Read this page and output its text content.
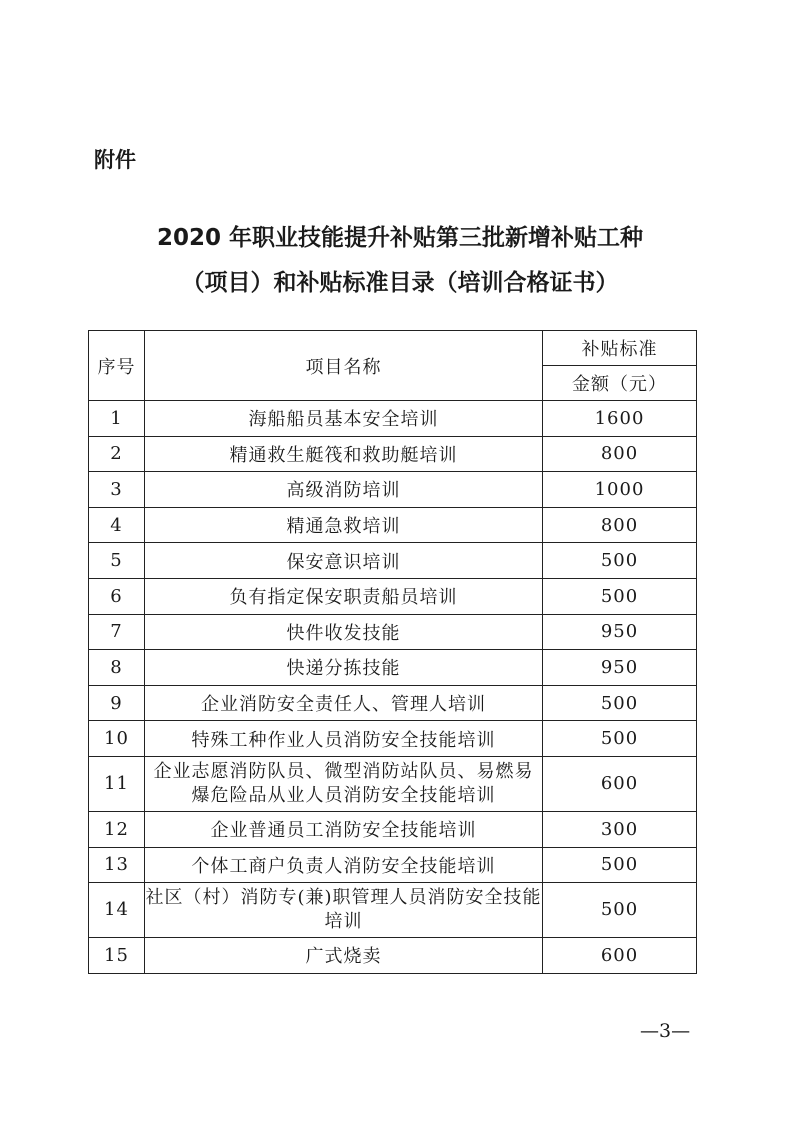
附件
2020 年职业技能提升补贴第三批新增补贴工种
（项目）和补贴标准目录（培训合格证书）
序号	项目名称	补贴标准
		金额（元）
1	海船船员基本安全培训	1600
2	精通救生艇筏和救助艇培训	800
3	高级消防培训	1000
4	精通急救培训	800
5	保安意识培训	500
6	负有指定保安职责船员培训	500
7	快件收发技能	950
8	快递分拣技能	950
9	企业消防安全责任人、管理人培训	500
10	特殊工种作业人员消防安全技能培训	500
11	企业志愿消防队员、微型消防站队员、易燃易爆危险品从业人员消防安全技能培训	600
12	企业普通员工消防安全技能培训	300
13	个体工商户负责人消防安全技能培训	500
14	社区（村）消防专(兼)职管理人员消防安全技能培训	500
15	广式烧卖	600
—3—
